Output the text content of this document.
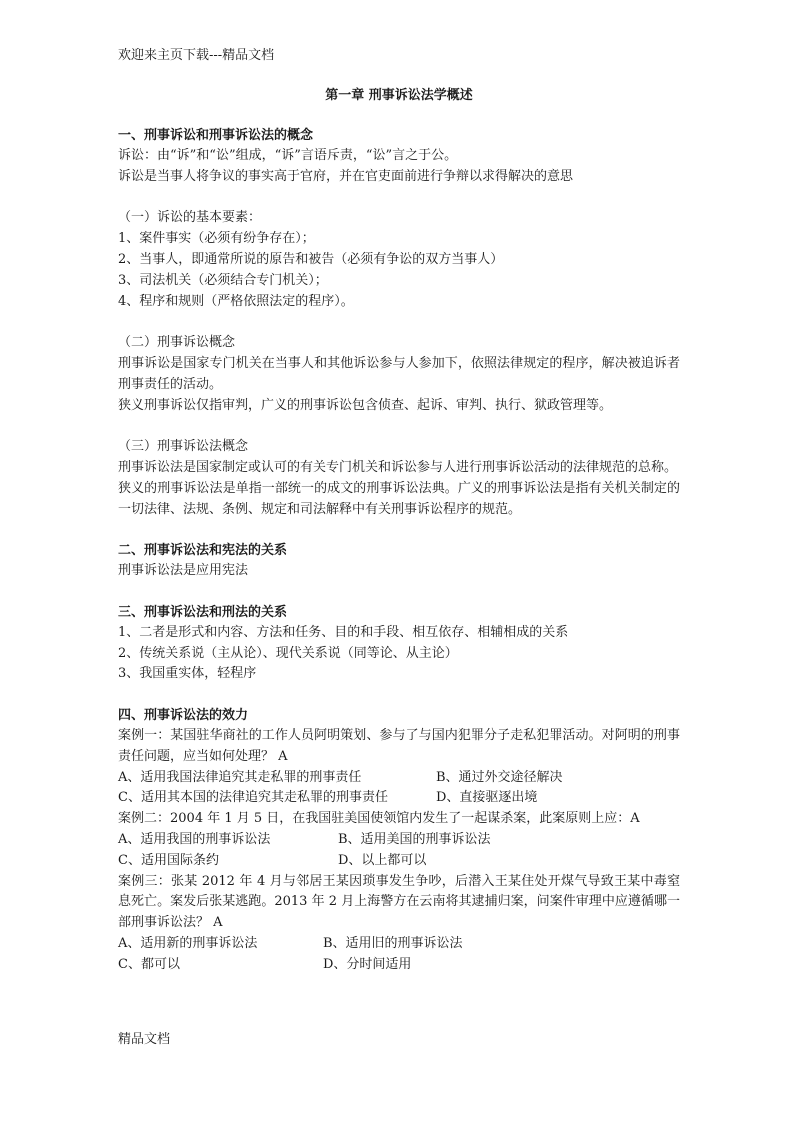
欢迎来主页下载---精品文档
第一章 刑事诉讼法学概述
一、刑事诉讼和刑事诉讼法的概念
诉讼：由“诉”和“讼”组成，“诉”言语斥责，“讼”言之于公。
诉讼是当事人将争议的事实高于官府，并在官吏面前进行争辩以求得解决的意思
（一）诉讼的基本要素：
1、案件事实（必须有纷争存在）；
2、当事人，即通常所说的原告和被告（必须有争讼的双方当事人）
3、司法机关（必须结合专门机关）；
4、程序和规则（严格依照法定的程序）。
（二）刑事诉讼概念
刑事诉讼是国家专门机关在当事人和其他诉讼参与人参加下，依照法律规定的程序，解决被追诉者刑事责任的活动。
狭义刑事诉讼仅指审判，广义的刑事诉讼包含侦查、起诉、审判、执行、狱政管理等。
（三）刑事诉讼法概念
刑事诉讼法是国家制定或认可的有关专门机关和诉讼参与人进行刑事诉讼活动的法律规范的总称。
狭义的刑事诉讼法是单指一部统一的成文的刑事诉讼法典。广义的刑事诉讼法是指有关机关制定的一切法律、法规、条例、规定和司法解释中有关刑事诉讼程序的规范。
二、刑事诉讼法和宪法的关系
刑事诉讼法是应用宪法
三、刑事诉讼法和刑法的关系
1、二者是形式和内容、方法和任务、目的和手段、相互依存、相辅相成的关系
2、传统关系说（主从论）、现代关系说（同等论、从主论）
3、我国重实体，轻程序
四、刑事诉讼法的效力
案例一：某国驻华商社的工作人员阿明策划、参与了与国内犯罪分子走私犯罪活动。对阿明的刑事责任问题，应当如何处理？ A
A、适用我国法律追究其走私罪的刑事责任	B、通过外交途径解决
C、适用其本国的法律追究其走私罪的刑事责任	D、直接驱逐出境
案例二：2004 年 1 月 5 日，在我国驻美国使领馆内发生了一起谋杀案，此案原则上应：A
A、适用我国的刑事诉讼法	B、适用美国的刑事诉讼法
C、适用国际条约	D、以上都可以
案例三：张某 2012 年 4 月与邻居王某因琐事发生争吵，后潜入王某住处开煤气导致王某中毒窒息死亡。案发后张某逃跑。2013 年 2 月上海警方在云南将其逮捕归案，问案件审理中应遵循哪一部刑事诉讼法？ A
A、适用新的刑事诉讼法	B、适用旧的刑事诉讼法
C、都可以	D、分时间适用
精品文档
